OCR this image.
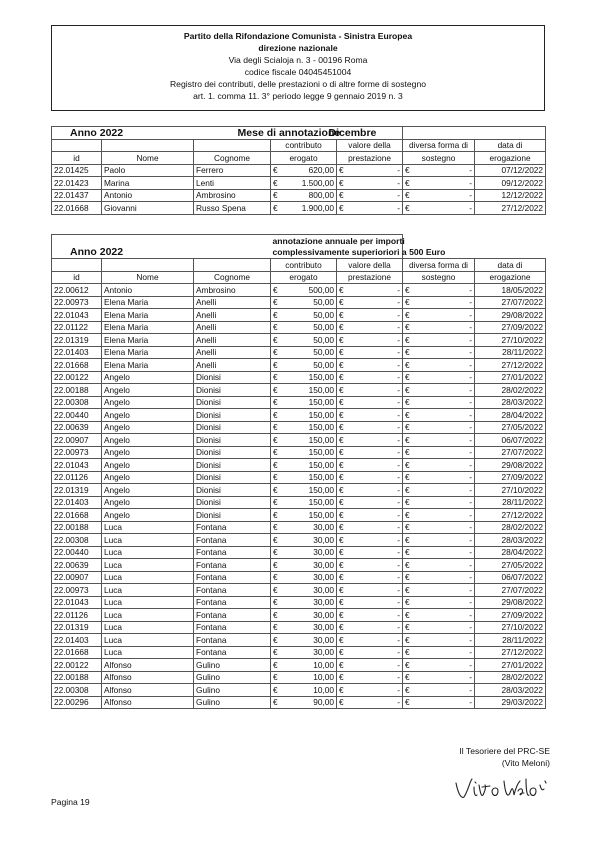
Partito della Rifondazione Comunista - Sinistra Europea
direzione nazionale
Via degli Scialoja n. 3 - 00196 Roma
codice fiscale 04045451004
Registro dei contributi, delle prestazioni o di altre forme di sostegno
art. 1. comma 11. 3° periodo legge 9 gennaio 2019 n. 3
Anno 2022		Mese di annotazione		Dicembre					
			contributo		valore della		diversa forma di		data di
id	Nome	Cognome	erogato		prestazione		sostegno		erogazione
22.01425	Paolo	Ferrero	€	620,00	€	-	€	-	07/12/2022
22.01423	Marina	Lenti	€	1.500,00	€	-	€	-	09/12/2022
22.01437	Antonio	Ambrosino	€	800,00	€	-	€	-	12/12/2022
22.01668	Giovanni	Russo Spena	€	1.900,00	€	-	€	-	27/12/2022
			annotazione annuale per importi						
Anno 2022			complessivamente superioriori a 500 Euro						
			contributo		valore della		diversa forma di		data di
id	Nome	Cognome	erogato		prestazione		sostegno		erogazione
22.00612	Antonio	Ambrosino	€	500,00	€	-	€	-	18/05/2022
22.00973	Elena Maria	Anelli	€	50,00	€	-	€	-	27/07/2022
22.01043	Elena Maria	Anelli	€	50,00	€	-	€	-	29/08/2022
22.01122	Elena Maria	Anelli	€	50,00	€	-	€	-	27/09/2022
22.01319	Elena Maria	Anelli	€	50,00	€	-	€	-	27/10/2022
22.01403	Elena Maria	Anelli	€	50,00	€	-	€	-	28/11/2022
22.01668	Elena Maria	Anelli	€	50,00	€	-	€	-	27/12/2022
22.00122	Angelo	Dionisi	€	150,00	€	-	€	-	27/01/2022
22.00188	Angelo	Dionisi	€	150,00	€	-	€	-	28/02/2022
22.00308	Angelo	Dionisi	€	150,00	€	-	€	-	28/03/2022
22.00440	Angelo	Dionisi	€	150,00	€	-	€	-	28/04/2022
22.00639	Angelo	Dionisi	€	150,00	€	-	€	-	27/05/2022
22.00907	Angelo	Dionisi	€	150,00	€	-	€	-	06/07/2022
22.00973	Angelo	Dionisi	€	150,00	€	-	€	-	27/07/2022
22.01043	Angelo	Dionisi	€	150,00	€	-	€	-	29/08/2022
22.01126	Angelo	Dionisi	€	150,00	€	-	€	-	27/09/2022
22.01319	Angelo	Dionisi	€	150,00	€	-	€	-	27/10/2022
22.01403	Angelo	Dionisi	€	150,00	€	-	€	-	28/11/2022
22.01668	Angelo	Dionisi	€	150,00	€	-	€	-	27/12/2022
22.00188	Luca	Fontana	€	30,00	€	-	€	-	28/02/2022
22.00308	Luca	Fontana	€	30,00	€	-	€	-	28/03/2022
22.00440	Luca	Fontana	€	30,00	€	-	€	-	28/04/2022
22.00639	Luca	Fontana	€	30,00	€	-	€	-	27/05/2022
22.00907	Luca	Fontana	€	30,00	€	-	€	-	06/07/2022
22.00973	Luca	Fontana	€	30,00	€	-	€	-	27/07/2022
22.01043	Luca	Fontana	€	30,00	€	-	€	-	29/08/2022
22.01126	Luca	Fontana	€	30,00	€	-	€	-	27/09/2022
22.01319	Luca	Fontana	€	30,00	€	-	€	-	27/10/2022
22.01403	Luca	Fontana	€	30,00	€	-	€	-	28/11/2022
22.01668	Luca	Fontana	€	30,00	€	-	€	-	27/12/2022
22.00122	Alfonso	Gulino	€	10,00	€	-	€	-	27/01/2022
22.00188	Alfonso	Gulino	€	10,00	€	-	€	-	28/02/2022
22.00308	Alfonso	Gulino	€	10,00	€	-	€	-	28/03/2022
22.00296	Alfonso	Gulino	€	90,00	€	-	€	-	29/03/2022
Il Tesoriere del PRC-SE
(Vito Meloni)
Pagina 19
